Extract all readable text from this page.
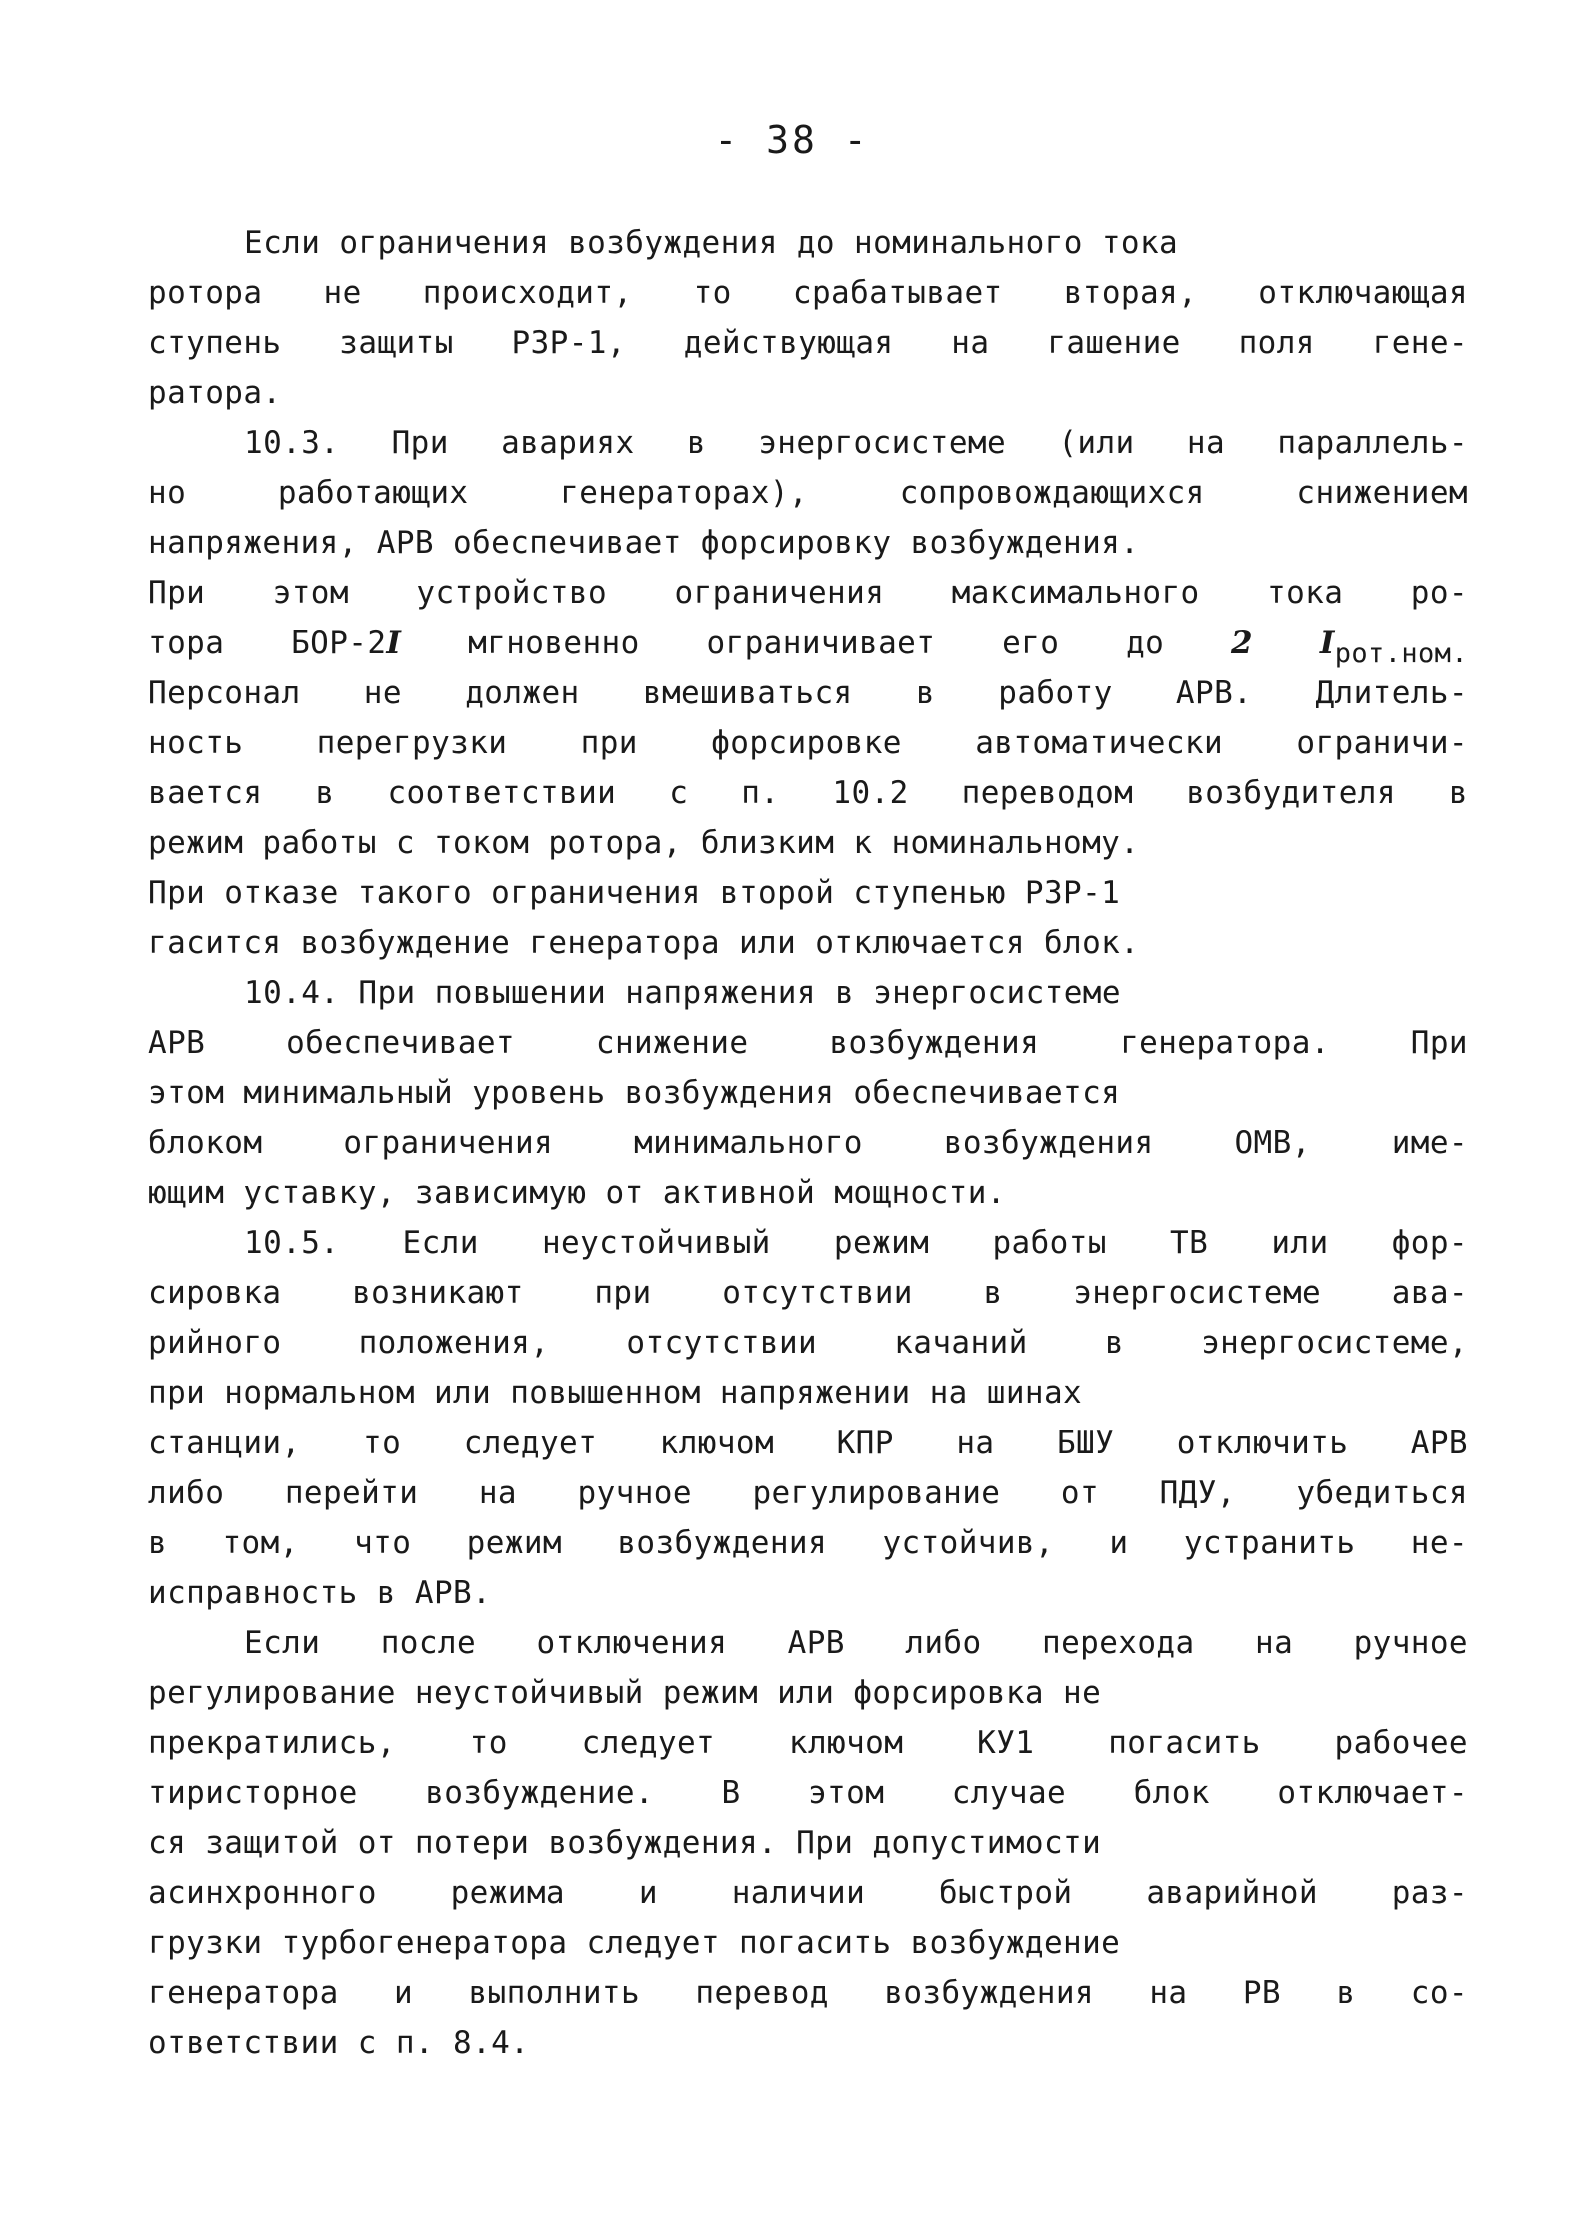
- 38 -
Если ограничения возбуждения до номинального тока
ротора не происходит, то срабатывает вторая, отключающая
ступень защиты РЗР-1, действующая на гашение поля гене-
ратора.
10.3. При авариях в энергосистеме (или на параллель-
но работающих генераторах), сопровождающихся снижением
напряжения, АРВ обеспечивает форсировку возбуждения.
При этом устройство ограничения максимального тока ро-
тора БОР-2I мгновенно ограничивает его до 2 Iрот.ном.
Персонал не должен вмешиваться в работу АРВ. Длитель-
ность перегрузки при форсировке автоматически ограничи-
вается в соответствии с п. 10.2 переводом возбудителя в
режим работы с током ротора, близким к номинальному.
При отказе такого ограничения второй ступенью РЗР-1
гасится возбуждение генератора или отключается блок.
10.4. При повышении напряжения в энергосистеме
АРВ обеспечивает снижение возбуждения генератора. При
этом минимальный уровень возбуждения обеспечивается
блоком ограничения минимального возбуждения ОМВ, име-
ющим уставку, зависимую от активной мощности.
10.5. Если неустойчивый режим работы ТВ или фор-
сировка возникают при отсутствии в энергосистеме ава-
рийного положения, отсутствии качаний в энергосистеме,
при нормальном или повышенном напряжении на шинах
станции, то следует ключом КПР на БШУ отключить АРВ
либо перейти на ручное регулирование от ПДУ, убедиться
в том, что режим возбуждения устойчив, и устранить не-
исправность в АРВ.
Если после отключения АРВ либо перехода на ручное
регулирование неустойчивый режим или форсировка не
прекратились, то следует ключом КУ1 погасить рабочее
тиристорное возбуждение. В этом случае блок отключает-
ся защитой от потери возбуждения. При допустимости
асинхронного режима и наличии быстрой аварийной раз-
грузки турбогенератора следует погасить возбуждение
генератора и выполнить перевод возбуждения на РВ в со-
ответствии с п. 8.4.
